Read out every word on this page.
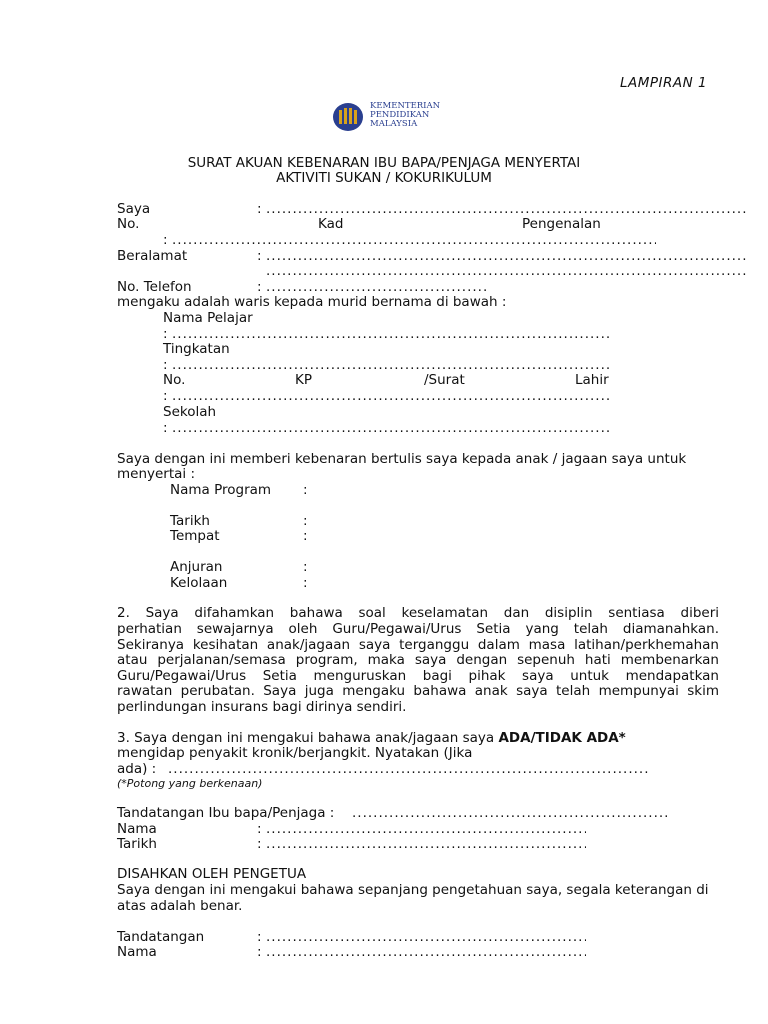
LAMPIRAN 1
KEMENTERIAN
PENDIDIKAN
MALAYSIA
SURAT AKUAN KEBENARAN IBU BAPA/PENJAGA MENYERTAI
AKTIVITI SUKAN / KOKURIKULUM
Saya	:
.....
No.	Kad	Pengenalan
:
.....
Beralamat	:
.....
.....
No. Telefon	:
.....
mengaku adalah waris kepada murid bernama di bawah :
Nama Pelajar
:
.....
Tingkatan
:
.....
No.	KP	/Surat	Lahir
:
.....
Sekolah
:
.....
Saya dengan ini memberi kebenaran bertulis saya kepada anak / jagaan saya untuk
menyertai :
Nama Program :
Tarikh	:
Tempat	:
Anjuran	:
Kelolaan	:
2. Saya difahamkan bahawa soal keselamatan dan disiplin sentiasa diberi
perhatian sewajarnya oleh Guru/Pegawai/Urus Setia yang telah diamanahkan.
Sekiranya kesihatan anak/jagaan saya terganggu dalam masa latihan/perkhemahan
atau perjalanan/semasa program, maka saya dengan sepenuh hati membenarkan
Guru/Pegawai/Urus Setia menguruskan bagi pihak saya untuk mendapatkan
rawatan perubatan. Saya juga mengaku bahawa anak saya telah mempunyai skim
perlindungan insurans bagi dirinya sendiri.
3. Saya dengan ini mengakui bahawa anak/jagaan saya ADA/TIDAK ADA*
mengidap penyakit kronik/berjangkit. Nyatakan (Jika
ada) :
.....
(*Potong yang berkenaan)
Tandatangan Ibu bapa/Penjaga :
.....
Nama	:
.....
Tarikh	:
.....
DISAHKAN OLEH PENGETUA
Saya dengan ini mengakui bahawa sepanjang pengetahuan saya, segala keterangan di
atas adalah benar.
Tandatangan	:
.....
Nama	:
.....
